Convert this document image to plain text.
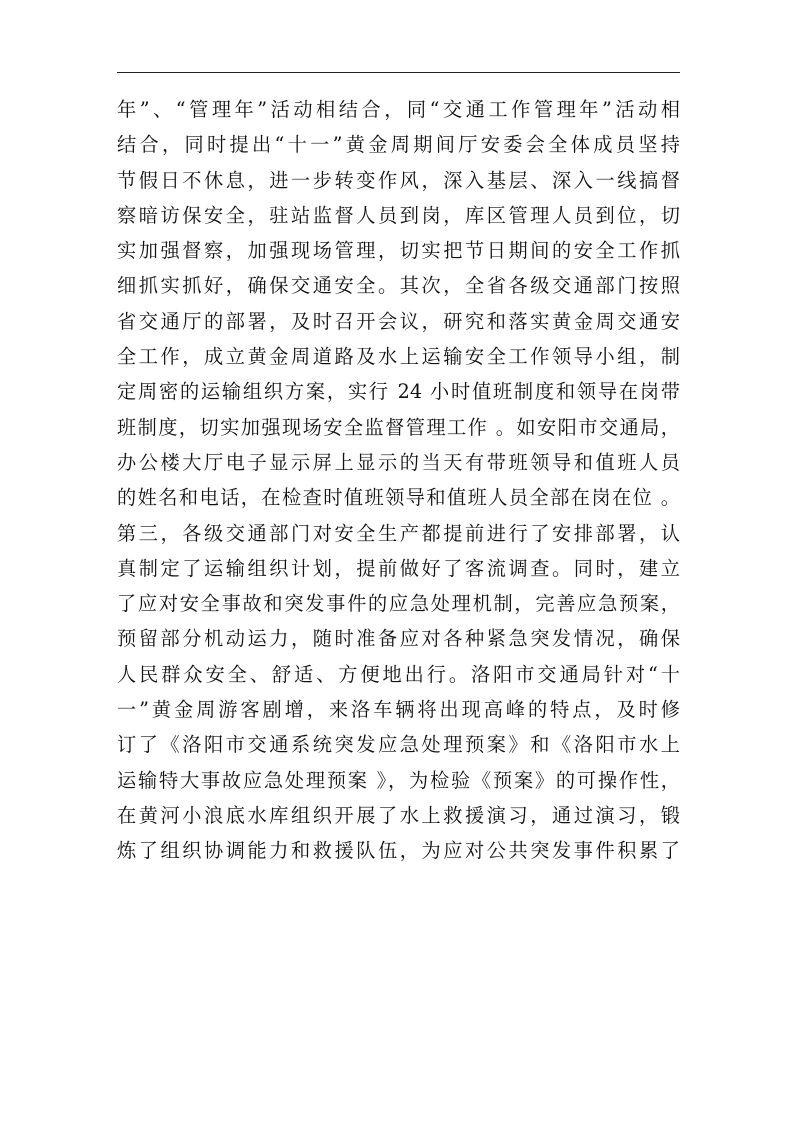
年”、“管理年”活动相结合，同“交通工作管理年”活动相
结合，同时提出“十一”黄金周期间厅安委会全体成员坚持
节假日不休息，进一步转变作风，深入基层、深入一线搞督
察暗访保安全，驻站监督人员到岗，库区管理人员到位，切
实加强督察，加强现场管理，切实把节日期间的安全工作抓
细抓实抓好，确保交通安全。其次，全省各级交通部门按照
省交通厅的部署，及时召开会议，研究和落实黄金周交通安
全工作，成立黄金周道路及水上运输安全工作领导小组，制
定周密的运输组织方案，实行 24 小时值班制度和领导在岗带
班制度，切实加强现场安全监督管理工作 。如安阳市交通局，
办公楼大厅电子显示屏上显示的当天有带班领导和值班人员
的姓名和电话，在检查时值班领导和值班人员全部在岗在位 。
第三，各级交通部门对安全生产都提前进行了安排部署，认
真制定了运输组织计划，提前做好了客流调查。同时，建立
了应对安全事故和突发事件的应急处理机制，完善应急预案，
预留部分机动运力，随时准备应对各种紧急突发情况，确保
人民群众安全、舒适、方便地出行。洛阳市交通局针对“十
一”黄金周游客剧增，来洛车辆将出现高峰的特点，及时修
订了《洛阳市交通系统突发应急处理预案》和《洛阳市水上
运输特大事故应急处理预案 》，为检验《预案》的可操作性，
在黄河小浪底水库组织开展了水上救援演习，通过演习，锻
炼了组织协调能力和救援队伍，为应对公共突发事件积累了
